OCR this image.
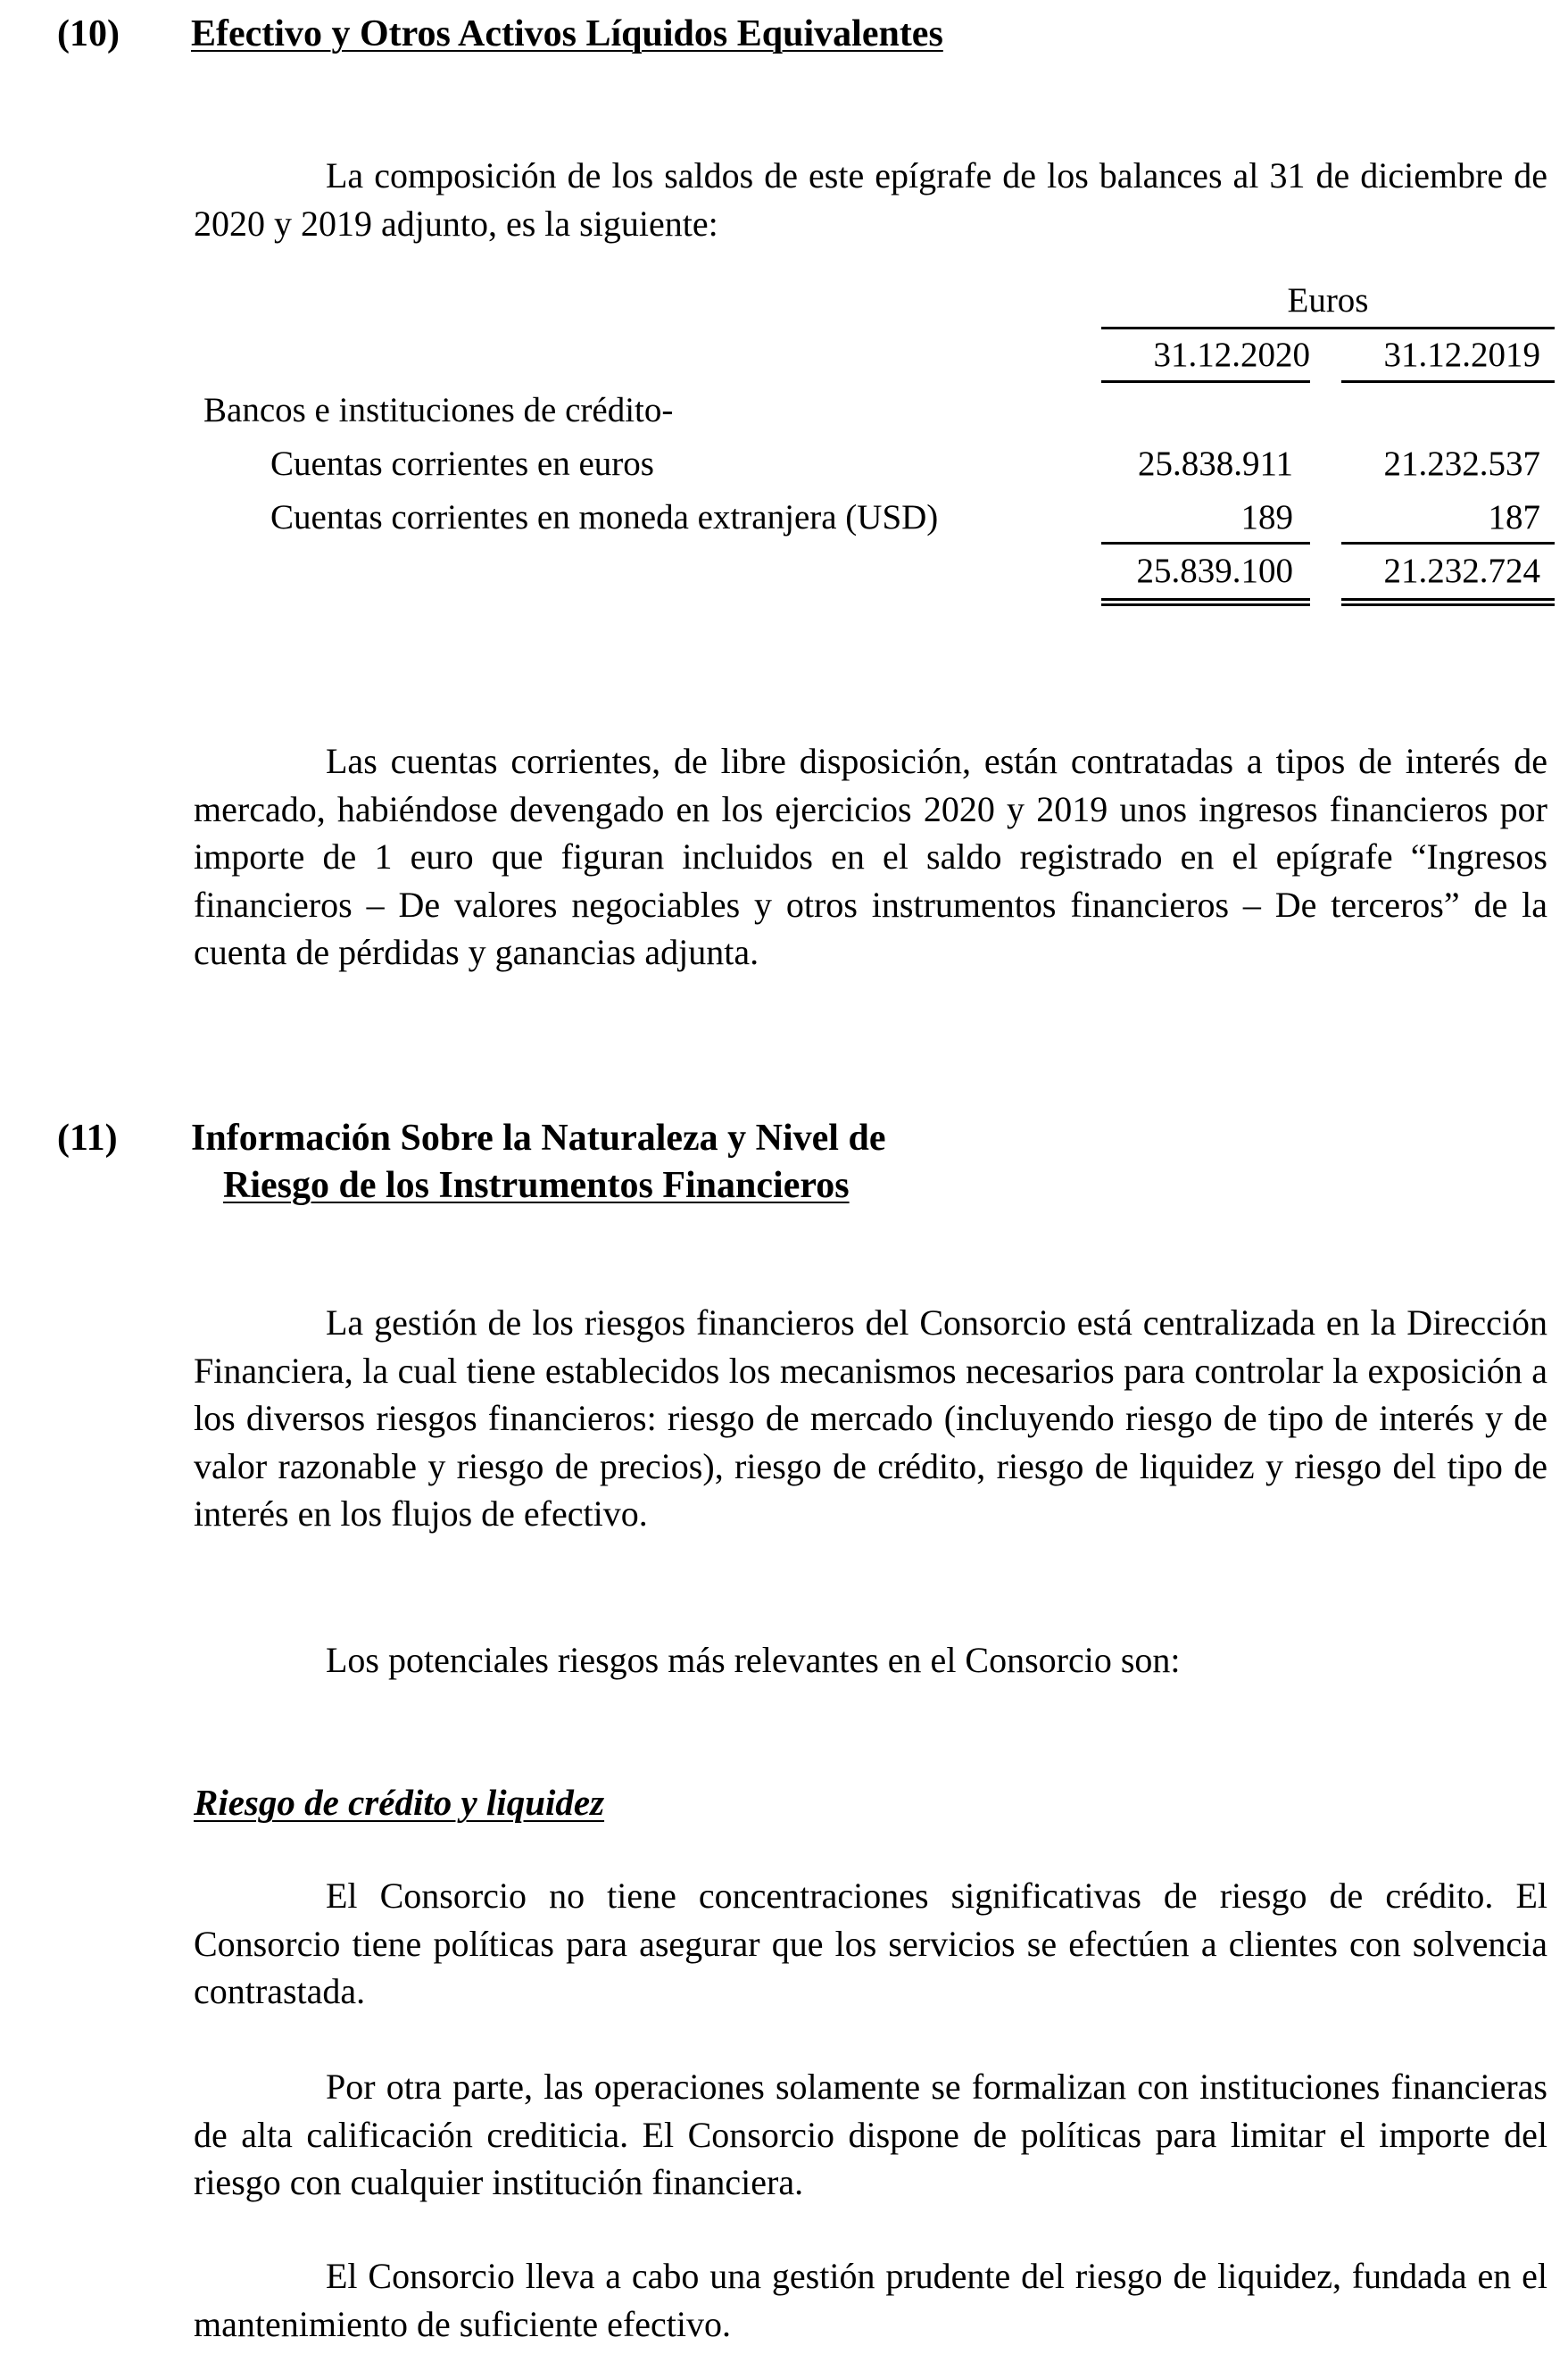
(10) Efectivo y Otros Activos Líquidos Equivalentes

La composición de los saldos de este epígrafe de los balances al 31 de diciembre de 2020 y 2019 adjunto, es la siguiente:

Euros
31.12.2020	31.12.2019
Bancos e instituciones de crédito-
Cuentas corrientes en euros	25.838.911	21.232.537
Cuentas corrientes en moneda extranjera (USD)	189	187
25.839.100	21.232.724

Las cuentas corrientes, de libre disposición, están contratadas a tipos de interés de mercado, habiéndose devengado en los ejercicios 2020 y 2019 unos ingresos financieros por importe de 1 euro que figuran incluidos en el saldo registrado en el epígrafe “Ingresos financieros – De valores negociables y otros instrumentos financieros – De terceros” de la cuenta de pérdidas y ganancias adjunta.

(11) Información Sobre la Naturaleza y Nivel de
Riesgo de los Instrumentos Financieros

La gestión de los riesgos financieros del Consorcio está centralizada en la Dirección Financiera, la cual tiene establecidos los mecanismos necesarios para controlar la exposición a los diversos riesgos financieros: riesgo de mercado (incluyendo riesgo de tipo de interés y de valor razonable y riesgo de precios), riesgo de crédito, riesgo de liquidez y riesgo del tipo de interés en los flujos de efectivo.

Los potenciales riesgos más relevantes en el Consorcio son:

Riesgo de crédito y liquidez

El Consorcio no tiene concentraciones significativas de riesgo de crédito. El Consorcio tiene políticas para asegurar que los servicios se efectúen a clientes con solvencia contrastada.

Por otra parte, las operaciones solamente se formalizan con instituciones financieras de alta calificación crediticia. El Consorcio dispone de políticas para limitar el importe del riesgo con cualquier institución financiera.

El Consorcio lleva a cabo una gestión prudente del riesgo de liquidez, fundada en el mantenimiento de suficiente efectivo.
